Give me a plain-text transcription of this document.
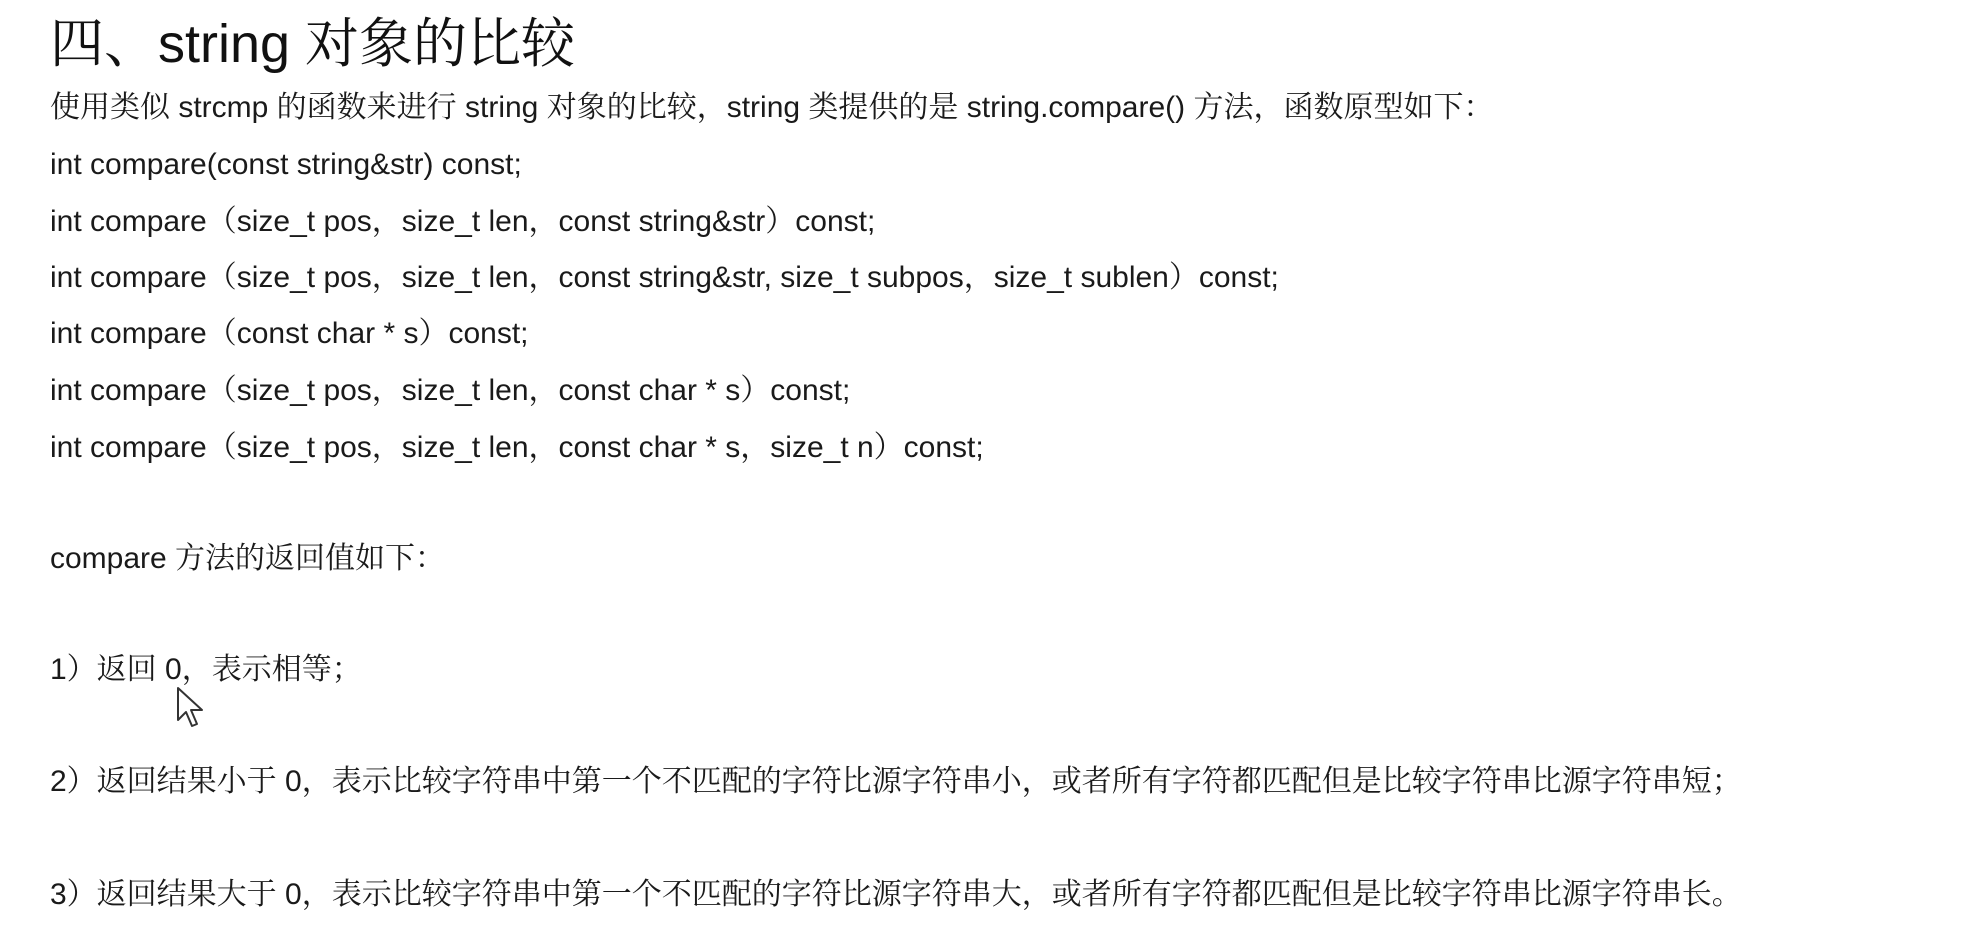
四、string 对象的比较
使用类似 strcmp 的函数来进行 string 对象的比较，string 类提供的是 string.compare() 方法，函数原型如下：
int compare(const string&str) const;
int compare（size_t pos，size_t len，const string&str）const;
int compare（size_t pos，size_t len，const string&str, size_t subpos，size_t sublen）const;
int compare（const char * s）const;
int compare（size_t pos，size_t len，const char * s）const;
int compare（size_t pos，size_t len，const char * s，size_t n）const;
compare 方法的返回值如下：
1）返回 0，表示相等；
2）返回结果小于 0，表示比较字符串中第一个不匹配的字符比源字符串小，或者所有字符都匹配但是比较字符串比源字符串短；
3）返回结果大于 0，表示比较字符串中第一个不匹配的字符比源字符串大，或者所有字符都匹配但是比较字符串比源字符串长。
